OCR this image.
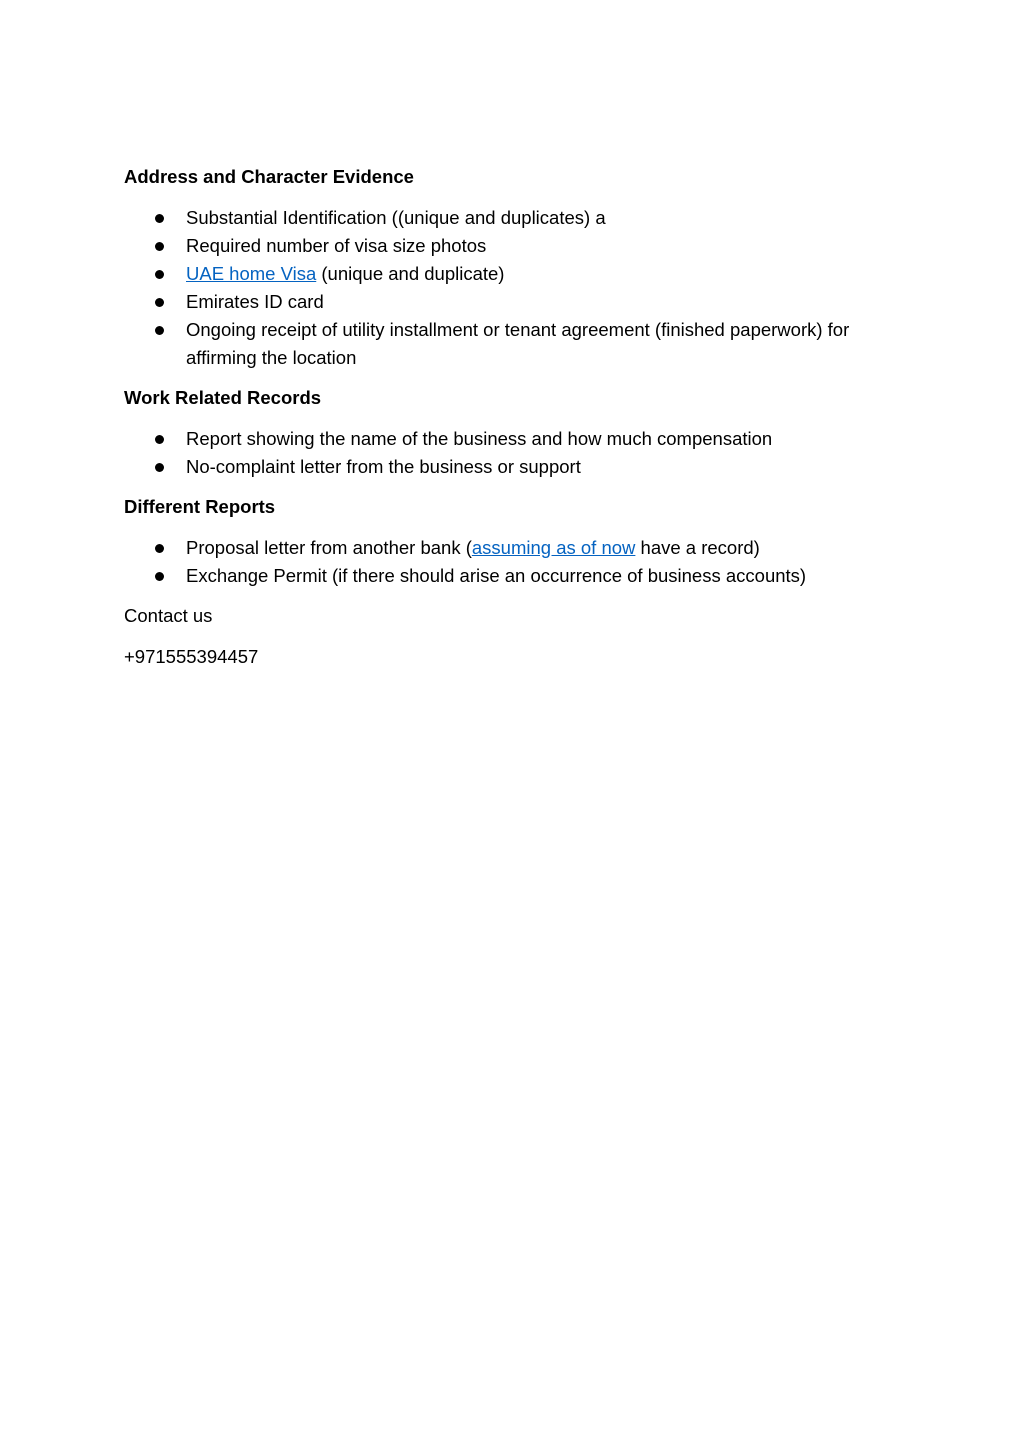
Address and Character Evidence
Substantial Identification ((unique and duplicates) a
Required number of visa size photos
UAE home Visa (unique and duplicate)
Emirates ID card
Ongoing receipt of utility installment or tenant agreement (finished paperwork) for affirming the location
Work Related Records
Report showing the name of the business and how much compensation
No-complaint letter from the business or support
Different Reports
Proposal letter from another bank (assuming as of now have a record)
Exchange Permit (if there should arise an occurrence of business accounts)
Contact us
+971555394457
